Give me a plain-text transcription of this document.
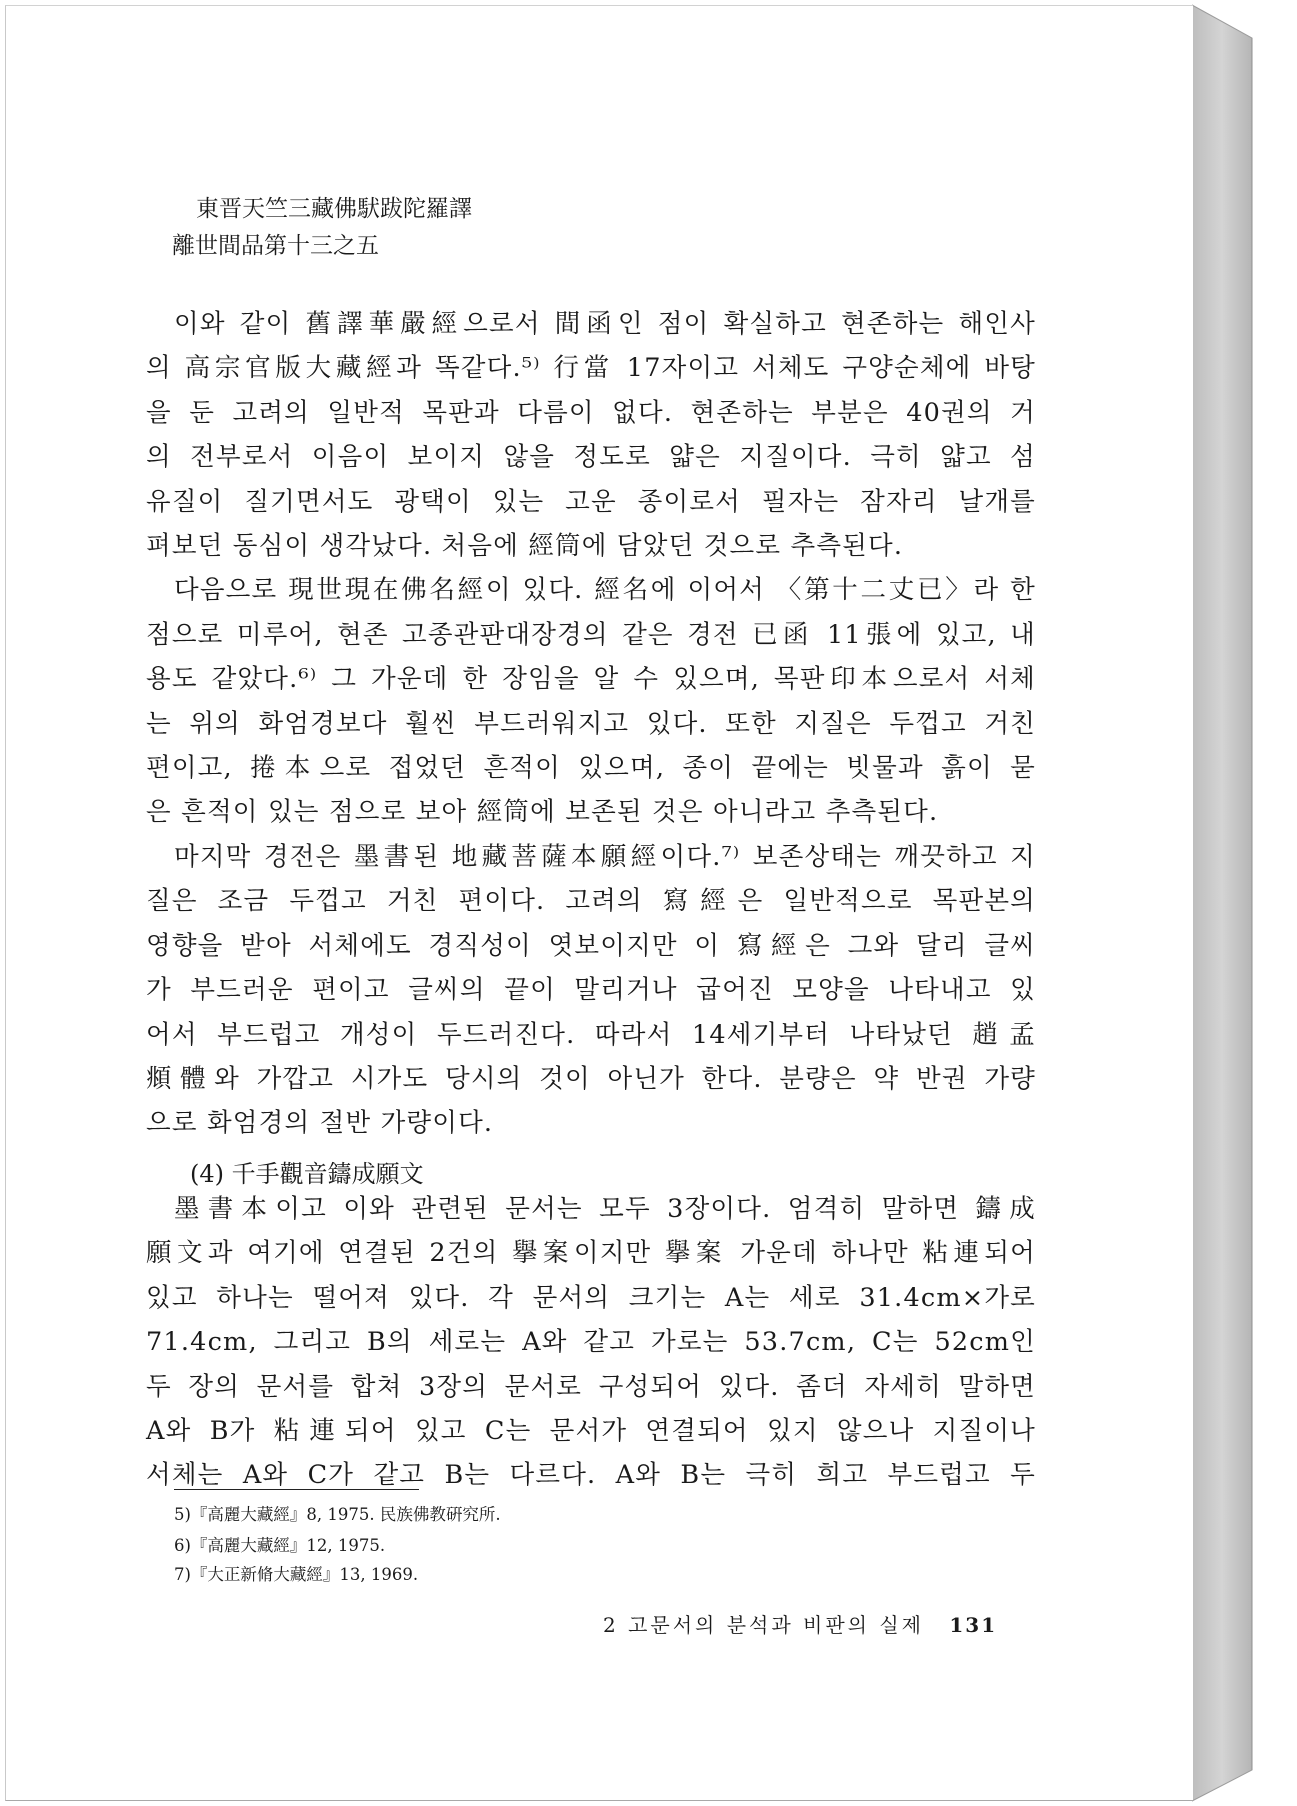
東晋天竺三藏佛䭾跋陀羅譯
離世間品第十三之五

이와 같이 舊譯華嚴經으로서 間函인 점이 확실하고 현존하는 해인사

의 高宗官版大藏經과 똑같다.⁵⁾ 行當 17자이고 서체도 구양순체에 바탕

을 둔 고려의 일반적 목판과 다름이 없다. 현존하는 부분은 40권의 거

의 전부로서 이음이 보이지 않을 정도로 얇은 지질이다. 극히 얇고 섬

유질이 질기면서도 광택이 있는 고운 종이로서 필자는 잠자리 날개를

펴보던 동심이 생각났다. 처음에 經筒에 담았던 것으로 추측된다.

다음으로 現世現在佛名經이 있다. 經名에 이어서 〈第十二丈已〉라 한

점으로 미루어, 현존 고종관판대장경의 같은 경전 已函 11張에 있고, 내

용도 같았다.⁶⁾ 그 가운데 한 장임을 알 수 있으며, 목판印本으로서 서체

는 위의 화엄경보다 훨씬 부드러워지고 있다. 또한 지질은 두껍고 거친

편이고, 捲本으로 접었던 흔적이 있으며, 종이 끝에는 빗물과 흙이 묻

은 흔적이 있는 점으로 보아 經筒에 보존된 것은 아니라고 추측된다.

마지막 경전은 墨書된 地藏菩薩本願經이다.⁷⁾ 보존상태는 깨끗하고 지

질은 조금 두껍고 거친 편이다. 고려의 寫經은 일반적으로 목판본의

영향을 받아 서체에도 경직성이 엿보이지만 이 寫經은 그와 달리 글씨

가 부드러운 편이고 글씨의 끝이 말리거나 굽어진 모양을 나타내고 있

어서 부드럽고 개성이 두드러진다. 따라서 14세기부터 나타났던 趙孟

頫體와 가깝고 시가도 당시의 것이 아닌가 한다. 분량은 약 반권 가량

으로 화엄경의 절반 가량이다.

(4) 千手觀音鑄成願文

墨書本이고 이와 관련된 문서는 모두 3장이다. 엄격히 말하면 鑄成

願文과 여기에 연결된 2건의 擧案이지만 擧案 가운데 하나만 粘連되어

있고 하나는 떨어져 있다. 각 문서의 크기는 A는 세로 31.4cm×가로

71.4cm, 그리고 B의 세로는 A와 같고 가로는 53.7cm, C는 52cm인

두 장의 문서를 합쳐 3장의 문서로 구성되어 있다. 좀더 자세히 말하면

A와 B가 粘連되어 있고 C는 문서가 연결되어 있지 않으나 지질이나

서체는 A와 C가 같고 B는 다르다. A와 B는 극히 희고 부드럽고 두

5)『高麗大藏經』8, 1975. 民族佛教硏究所.
6)『高麗大藏經』12, 1975.
7)『大正新脩大藏經』13, 1969.
2 고문서의 분석과 비판의 실제 131
